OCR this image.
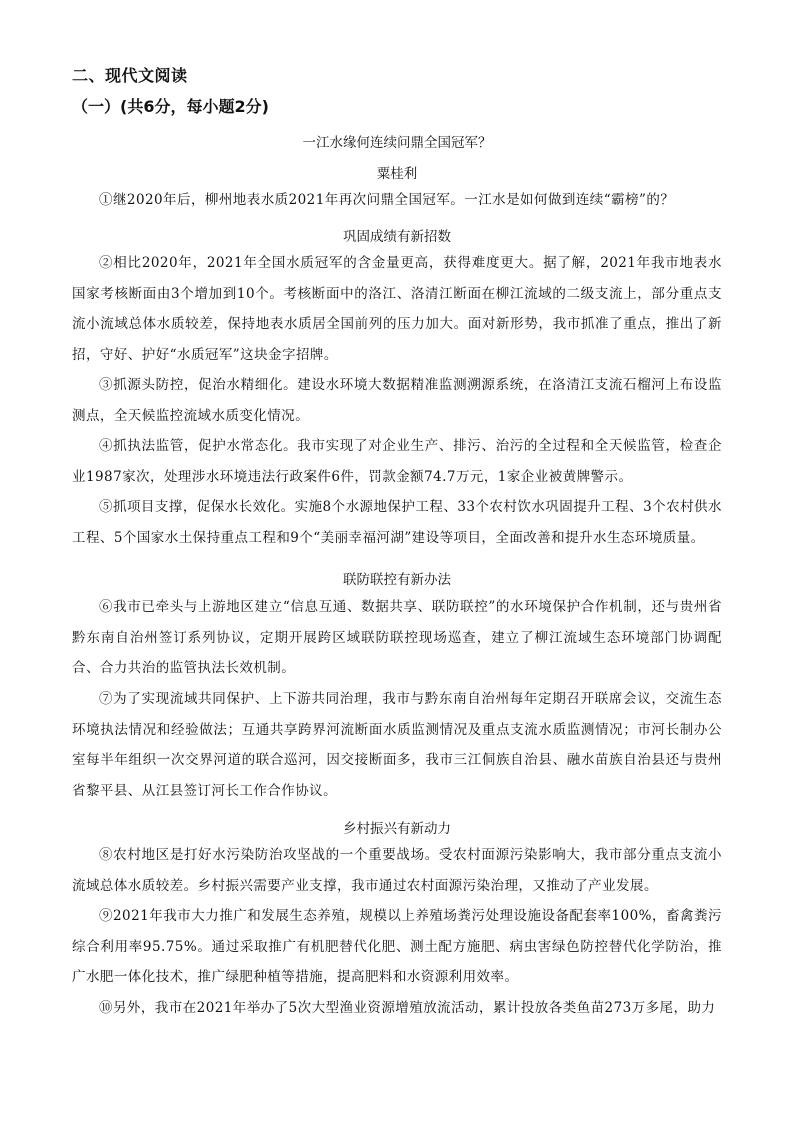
二、现代文阅读
（一）(共6分，每小题2分)
一江水缘何连续问鼎全国冠军？
粟桂利
①继2020年后，柳州地表水质2021年再次问鼎全国冠军。一江水是如何做到连续“霸榜”的？
巩固成绩有新招数
②相比2020年，2021年全国水质冠军的含金量更高，获得难度更大。据了解，2021年我市地表水国家考核断面由3个增加到10个。考核断面中的洛江、洛清江断面在柳江流域的二级支流上，部分重点支流小流域总体水质较差，保持地表水质居全国前列的压力加大。面对新形势，我市抓准了重点，推出了新招，守好、护好“水质冠军”这块金字招牌。
③抓源头防控，促治水精细化。建设水环境大数据精准监测溯源系统，在洛清江支流石榴河上布设监测点，全天候监控流域水质变化情况。
④抓执法监管，促护水常态化。我市实现了对企业生产、排污、治污的全过程和全天候监管，检查企业1987家次，处理涉水环境违法行政案件6件，罚款金额74.7万元，1家企业被黄牌警示。
⑤抓项目支撑，促保水长效化。实施8个水源地保护工程、33个农村饮水巩固提升工程、3个农村供水工程、5个国家水土保持重点工程和9个“美丽幸福河湖”建设等项目，全面改善和提升水生态环境质量。
联防联控有新办法
⑥我市已牵头与上游地区建立“信息互通、数据共享、联防联控”的水环境保护合作机制，还与贵州省黔东南自治州签订系列协议，定期开展跨区域联防联控现场巡查，建立了柳江流域生态环境部门协调配合、合力共治的监管执法长效机制。
⑦为了实现流域共同保护、上下游共同治理，我市与黔东南自治州每年定期召开联席会议，交流生态环境执法情况和经验做法；互通共享跨界河流断面水质监测情况及重点支流水质监测情况；市河长制办公室每半年组织一次交界河道的联合巡河，因交接断面多，我市三江侗族自治县、融水苗族自治县还与贵州省黎平县、从江县签订河长工作合作协议。
乡村振兴有新动力
⑧农村地区是打好水污染防治攻坚战的一个重要战场。受农村面源污染影响大，我市部分重点支流小流域总体水质较差。乡村振兴需要产业支撑，我市通过农村面源污染治理，又推动了产业发展。
⑨2021年我市大力推广和发展生态养殖，规模以上养殖场粪污处理设施设备配套率100%，畜禽粪污综合利用率95.75%。通过采取推广有机肥替代化肥、测土配方施肥、病虫害绿色防控替代化学防治，推广水肥一体化技术，推广绿肥种植等措施，提高肥料和水资源利用效率。
⑩另外，我市在2021年举办了5次大型渔业资源增殖放流活动，累计投放各类鱼苗273万多尾，助力
